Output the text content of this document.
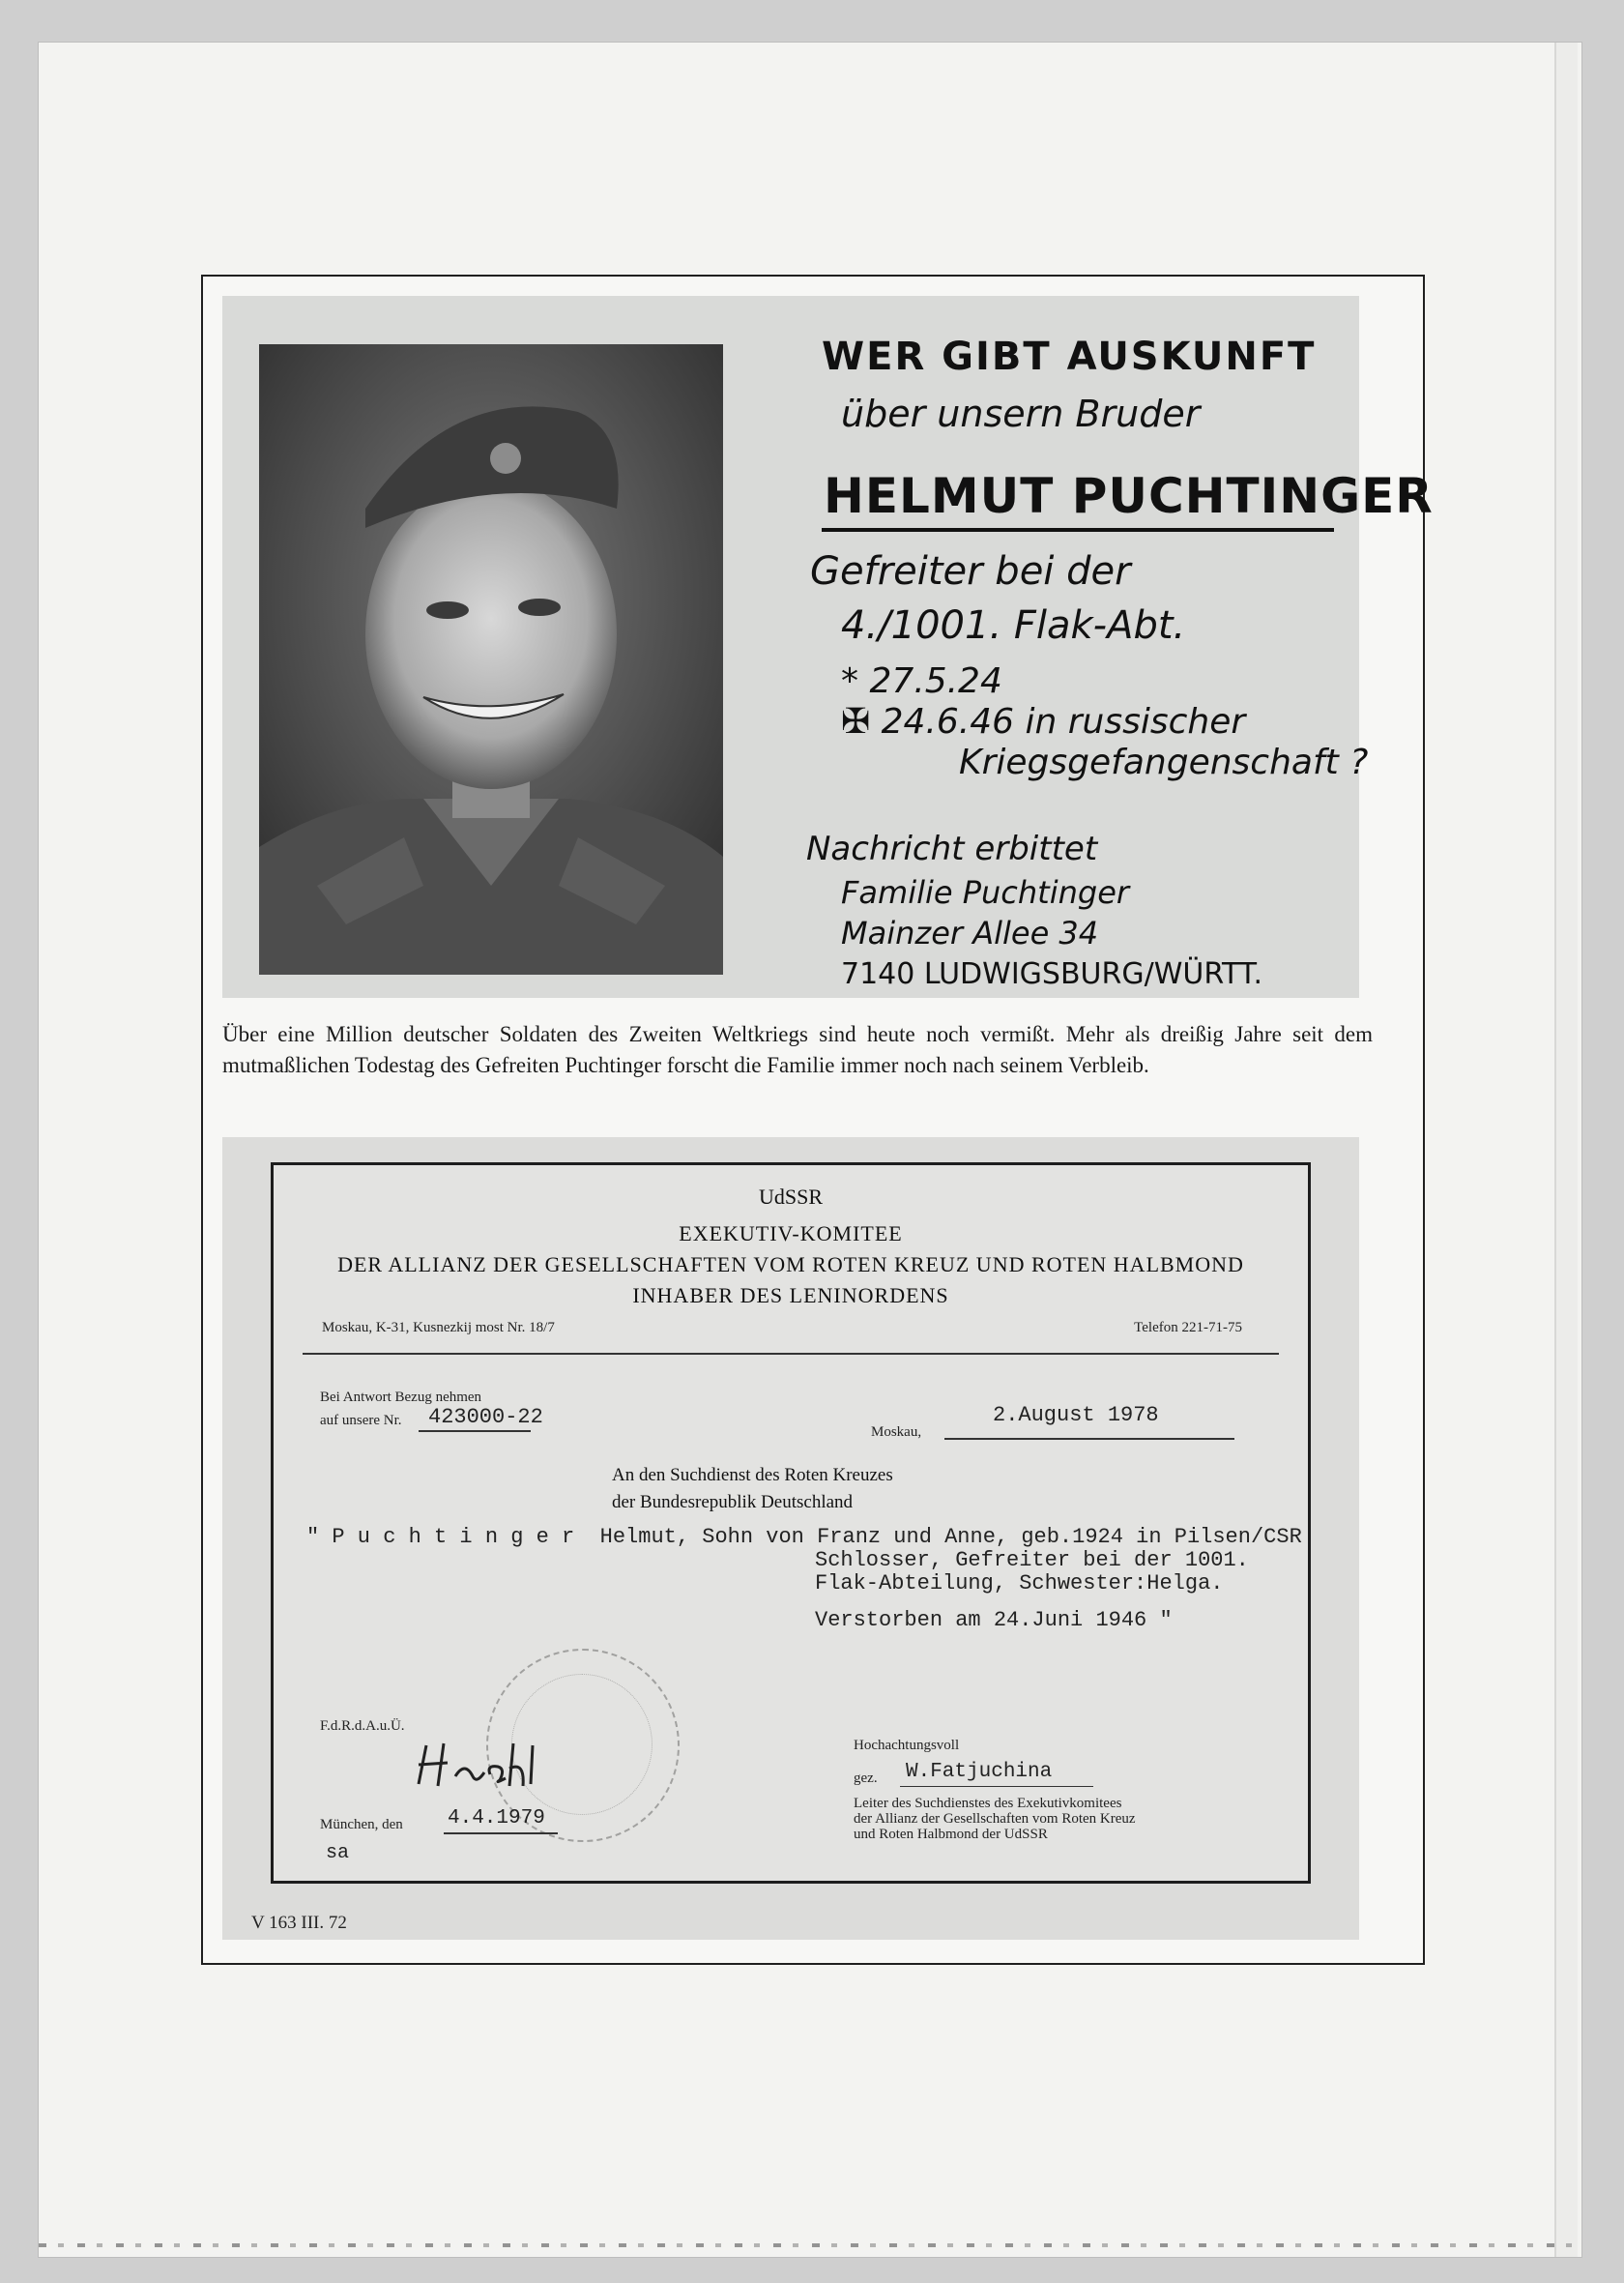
WER GIBT AUSKUNFT
über unsern Bruder
HELMUT PUCHTINGER
Gefreiter bei der
4./1001. Flak-Abt.
* 27.5.24
✠ 24.6.46 in russischer
Kriegsgefangenschaft ?
Nachricht erbittet
Familie Puchtinger
Mainzer Allee 34
7140 LUDWIGSBURG/WÜRTT.
Über eine Million deutscher Soldaten des Zweiten Weltkriegs sind heute noch vermißt. Mehr als dreißig Jahre seit dem mutmaßlichen Todestag des Gefreiten Puchtinger forscht die Familie immer noch nach seinem Verbleib.
UdSSR
EXEKUTIV-KOMITEE
DER ALLIANZ DER GESELLSCHAFTEN VOM ROTEN KREUZ UND ROTEN HALBMOND
INHABER DES LENINORDENS
Moskau, K-31, Kusnezkij most Nr. 18/7	Telefon 221-71-75
Bei Antwort Bezug nehmen
auf unsere Nr. 423000-22
Moskau,
2.August 1978
An den Suchdienst des Roten Kreuzes
der Bundesrepublik Deutschland
" P u c h t i n g e r  Helmut, Sohn von Franz und Anne, geb.1924 in Pilsen/CSR
Schlosser, Gefreiter bei der 1001.
Flak-Abteilung, Schwester:Helga.
Verstorben am 24.Juni 1946 "
F.d.R.d.A.u.Ü.
München, den 4.4.1979
sa
Hochachtungsvoll
gez. W.Fatjuchina
Leiter des Suchdienstes des Exekutivkomitees
der Allianz der Gesellschaften vom Roten Kreuz
und Roten Halbmond der UdSSR
V 163 III. 72
